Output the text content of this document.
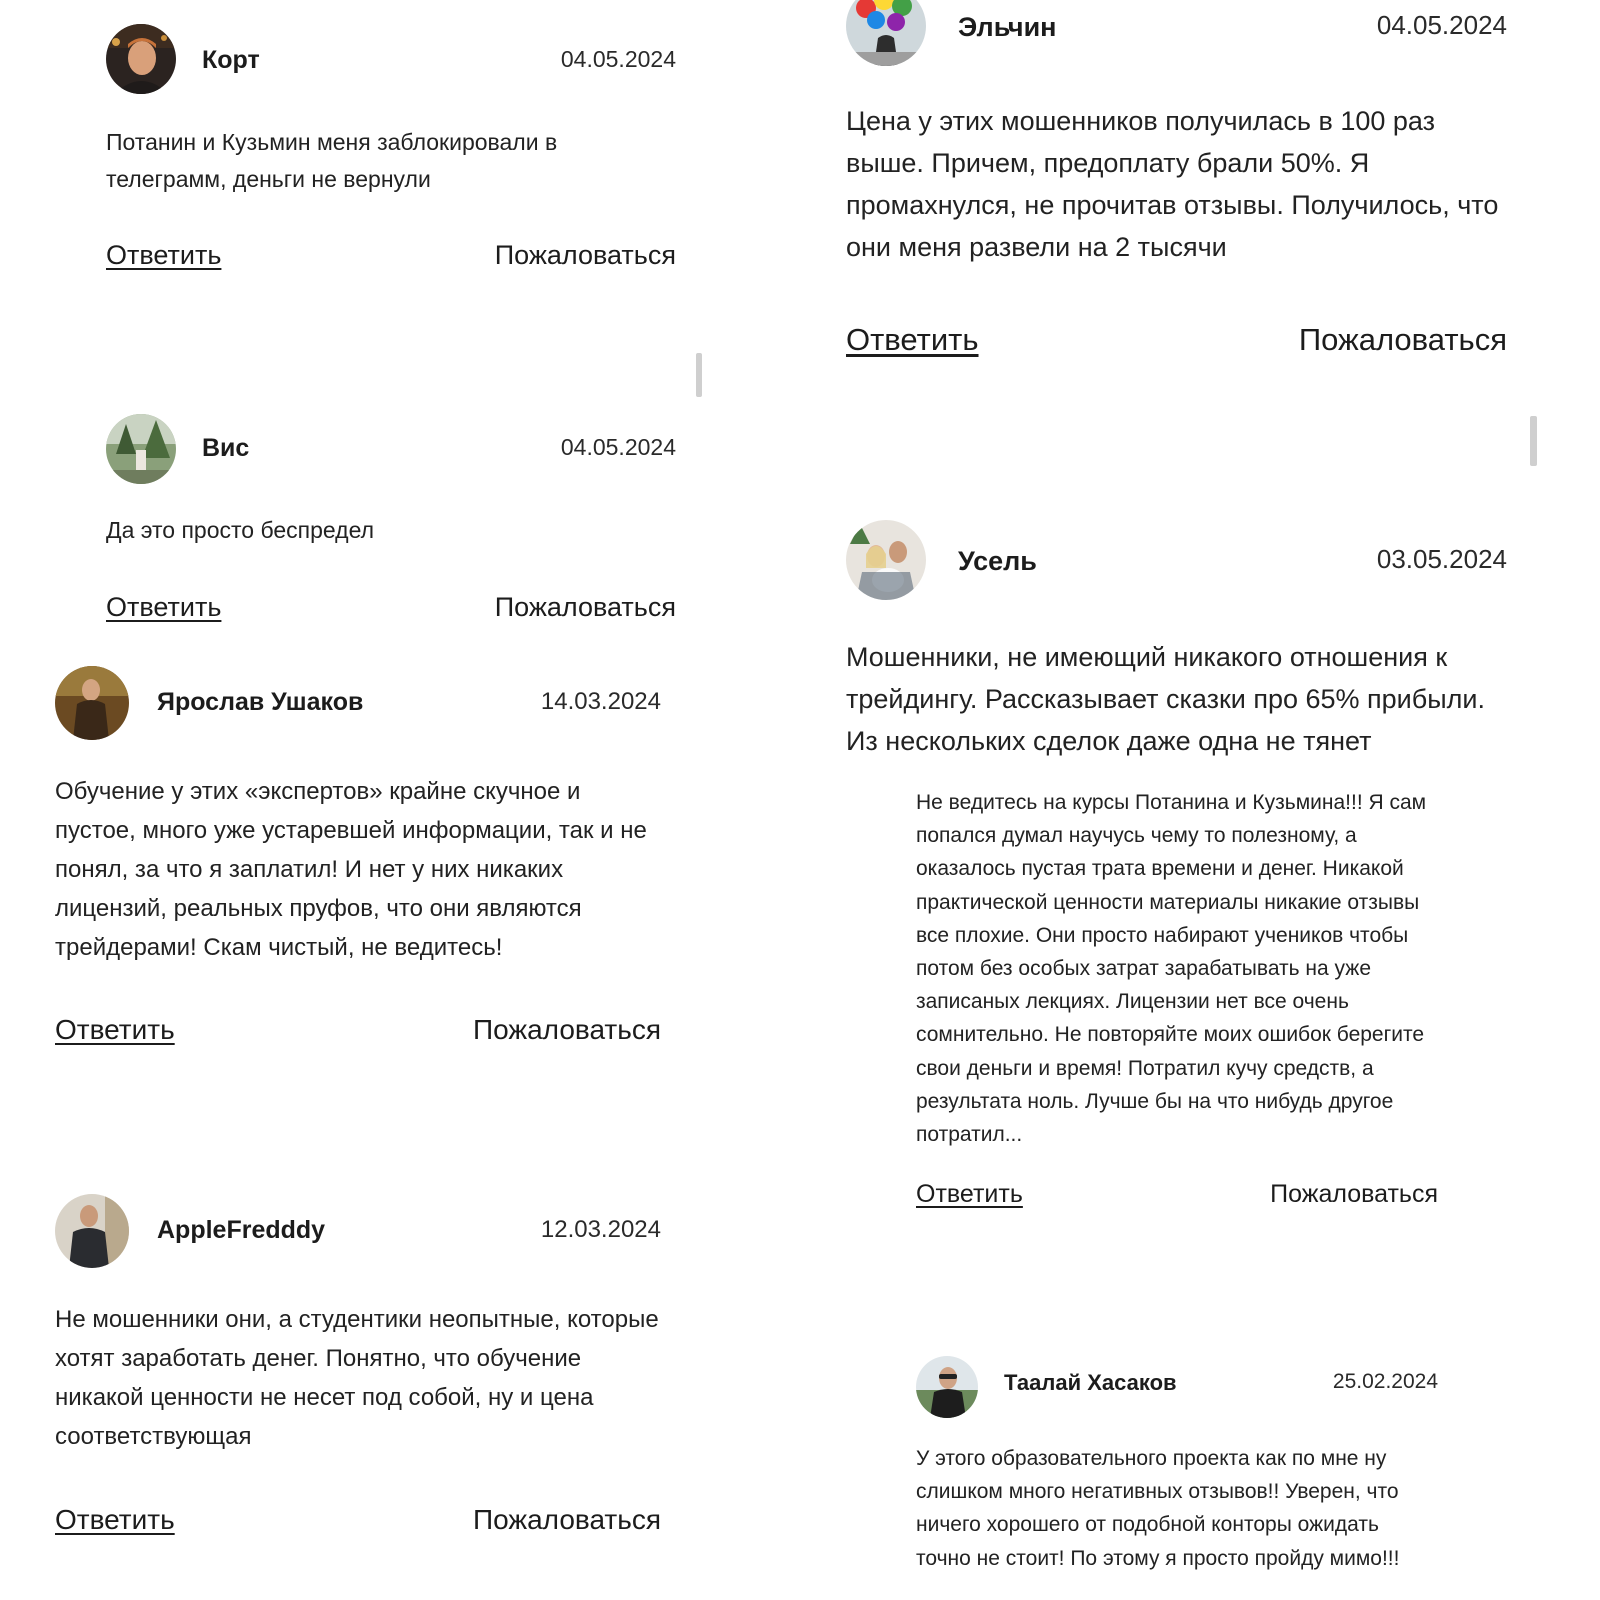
Корт	04.05.2024
Потанин и Кузьмин меня заблокировали в телеграмм, деньги не вернули
Ответить	Пожаловаться
Вис	04.05.2024
Да это просто беспредел
Ответить	Пожаловаться
Ярослав Ушаков	14.03.2024
Обучение у этих «экспертов» крайне скучное и пустое, много уже устаревшей информации, так и не понял, за что я заплатил! И нет у них никаких лицензий, реальных пруфов, что они являются трейдерами! Скам чистый, не ведитесь!
Ответить	Пожаловаться
AppleFredddy	12.03.2024
Не мошенники они, а студентики неопытные, которые хотят заработать денег. Понятно, что обучение никакой ценности не несет под собой, ну и цена соответствующая
Ответить	Пожаловаться
Эльчин	04.05.2024
Цена у этих мошенников получилась в 100 раз выше. Причем, предоплату брали 50%. Я промахнулся, не прочитав отзывы. Получилось, что они меня развели на 2 тысячи
Ответить	Пожаловаться
Усель	03.05.2024
Мошенники, не имеющий никакого отношения к трейдингу. Рассказывает сказки про 65% прибыли. Из нескольких сделок даже одна не тянет
Не ведитесь на курсы Потанина и Кузьмина!!! Я сам попался думал научусь чему то полезному, а оказалось пустая трата времени и денег. Никакой практической ценности материалы никакие отзывы все плохие. Они просто набирают учеников чтобы потом без особых затрат зарабатывать на уже записаных лекциях. Лицензии нет все очень сомнительно. Не повторяйте моих ошибок берегите свои деньги и время! Потратил кучу средств, а результата ноль. Лучше бы на что нибудь другое потратил...
Ответить	Пожаловаться
Таалай Хасаков	25.02.2024
У этого образовательного проекта как по мне ну слишком много негативных отзывов!! Уверен, что ничего хорошего от подобной конторы ожидать точно не стоит! По этому я просто пройду мимо!!!
